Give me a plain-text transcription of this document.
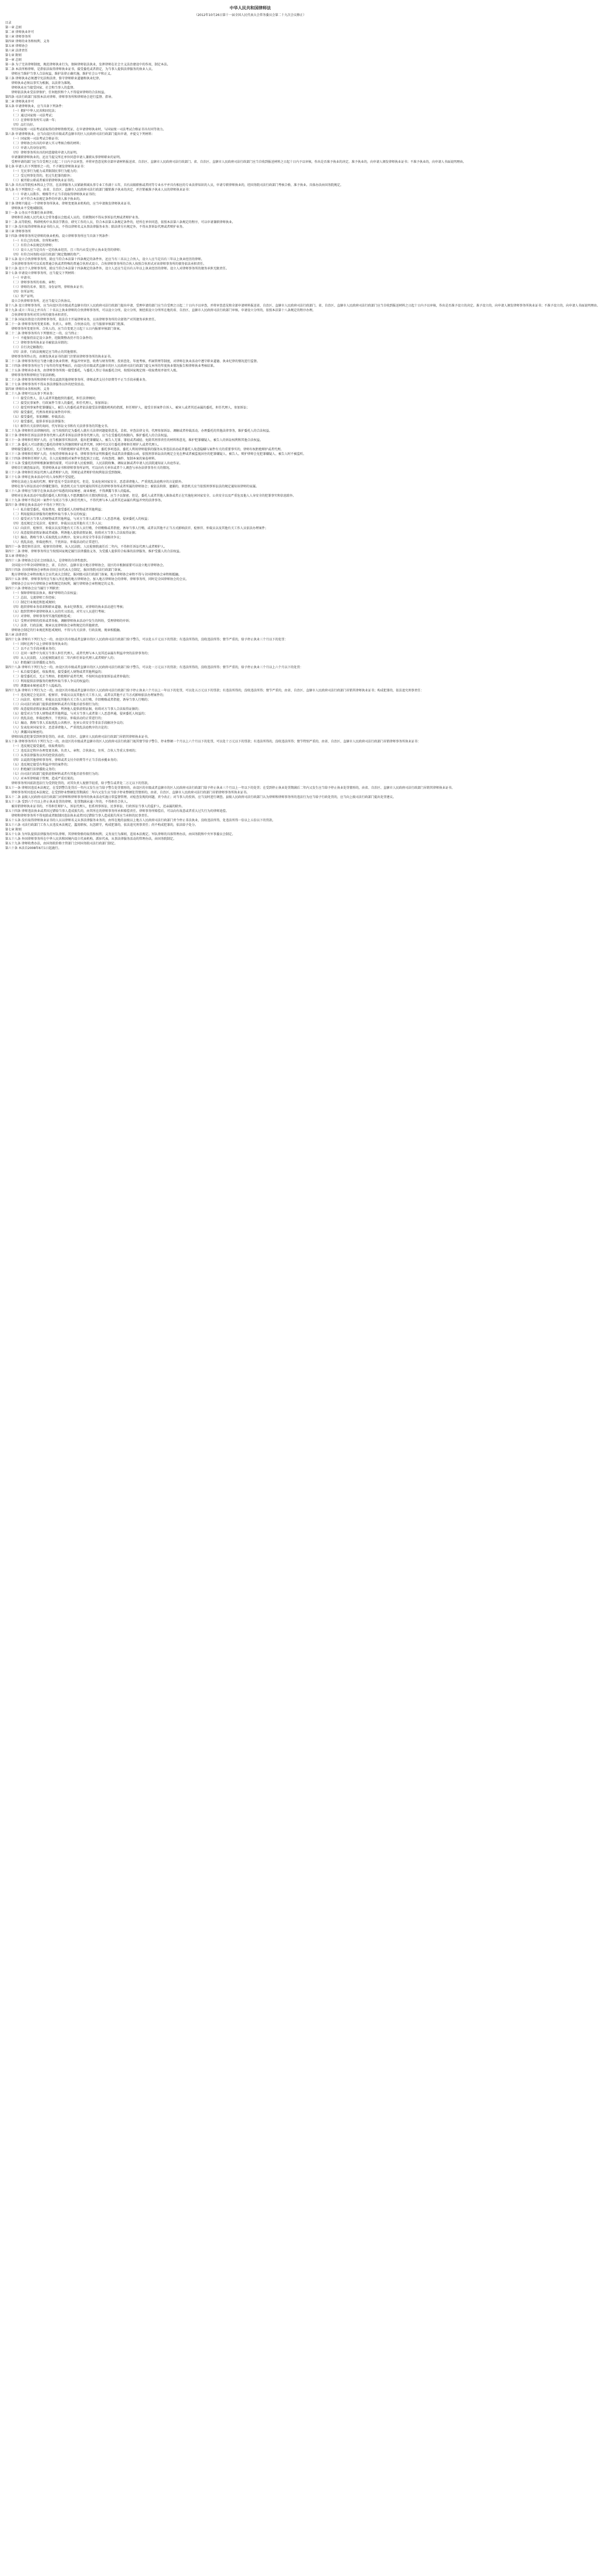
中华人民共和国律师法
（2012年10月26日第十一届全国人民代表大会常务委员会第二十九次会议修正）
目录
第一章 总则
第二章 律师执业许可
第三章 律师事务所
第四章 律师的业务和权利、义务
第五章 律师协会
第六章 法律责任
第七章 附则
第一章 总则
第一条 为了完善律师制度，规范律师执业行为，保障律师依法执业，发挥律师在社会主义法治建设中的作用，制定本法。
第二条 本法所称律师，是指依法取得律师执业证书，接受委托或者指定，为当事人提供法律服务的执业人员。
律师应当维护当事人合法权益，维护法律正确实施，维护社会公平和正义。
第三条 律师执业必须遵守宪法和法律，恪守律师职业道德和执业纪律。
律师执业必须以事实为根据，以法律为准绳。
律师执业应当接受国家、社会和当事人的监督。
律师依法执业受法律保护，任何组织和个人不得侵害律师的合法权益。
第四条 司法行政部门依照本法对律师、律师事务所和律师协会进行监督、指导。
第二章 律师执业许可
第五条 申请律师执业，应当具备下列条件：
（一）拥护中华人民共和国宪法；
（二）通过国家统一司法考试；
（三）在律师事务所实习满一年；
（四）品行良好。
实行国家统一司法考试前取得的律师资格凭证，在申请律师执业时，与国家统一司法考试合格证书具有同等效力。
第六条 申请律师执业，应当向设区的市级或者直辖市的区人民政府司法行政部门提出申请，并提交下列材料：
（一）国家统一司法考试合格证书；
（二）律师协会出具的申请人实习考核合格的材料；
（三）申请人的身份证明；
（四）律师事务所出具的同意接收申请人的证明。
申请兼职律师执业的，还应当提交所在单位同意申请人兼职从事律师职业的证明。
受理申请的部门应当自受理之日起二十日内予以审查，并将审查意见和全部申请材料报送省、自治区、直辖市人民政府司法行政部门。省、自治区、直辖市人民政府司法行政部门应当自收到报送材料之日起十日内予以审核，作出是否准予执业的决定。准予执业的，向申请人颁发律师执业证书；不准予执业的，向申请人书面说明理由。
第七条 申请人有下列情形之一的，不予颁发律师执业证书：
（一）无民事行为能力或者限制民事行为能力的；
（二）受过刑事处罚的，但过失犯罪的除外；
（三）被开除公职或者被吊销律师执业证书的。
第八条 具有高等院校本科以上学历，在法律服务人员紧缺领域从事专业工作满十五年，具有高级职称或者同等专业水平并具有相应的专业法律知识的人员，申请专职律师执业的，经国务院司法行政部门考核合格，准予执业。具体办法由国务院规定。
第九条 有下列情形之一的，由省、自治区、直辖市人民政府司法行政部门撤销准予执业的决定，并注销被准予执业人员的律师执业证书：
（一）申请人以欺诈、贿赂等不正当手段取得律师执业证书的；
（二）对不符合本法规定条件的申请人准予执业的。
第十条 律师只能在一个律师事务所执业。律师变更执业机构的，应当申请换发律师执业证书。
律师执业不受地域限制。
第十一条 公务员不得兼任执业律师。
律师担任各级人民代表大会常务委员会组成人员的，任职期间不得从事诉讼代理或者辩护业务。
第十二条 高等院校、科研机构中从事法学教育、研究工作的人员，符合本法第五条规定条件的，经所在单位同意，依照本法第六条规定的程序，可以申请兼职律师执业。
第十三条 没有取得律师执业证书的人员，不得以律师名义从事法律服务业务；除法律另有规定外，不得从事诉讼代理或者辩护业务。
第三章 律师事务所
第十四条 律师事务所是律师的执业机构。设立律师事务所应当具备下列条件：
（一）有自己的名称、住所和章程；
（二）有符合本法规定的律师；
（三）设立人应当是具有一定的执业经历，且三年内未受过停止执业处罚的律师；
（四）有符合国务院司法行政部门规定数额的资产。
第十五条 设立合伙律师事务所，除应当符合本法第十四条规定的条件外，还应当有三名以上合伙人，设立人应当是具有三年以上执业经历的律师。
合伙律师事务所可以采用普通合伙或者特殊的普通合伙形式设立。合伙律师事务所的合伙人按照合伙形式对该律师事务所的债务依法承担责任。
第十六条 设立个人律师事务所，除应当符合本法第十四条规定的条件外，设立人还应当是具有五年以上执业经历的律师。设立人对律师事务所的债务承担无限责任。
第十七条 申请设立律师事务所，应当提交下列材料：
（一）申请书；
（二）律师事务所的名称、章程；
（三）律师的名单、简历、身份证明、律师执业证书；
（四）住所证明；
（五）资产证明。
设立合伙律师事务所，还应当提交合伙协议。
第十八条 设立律师事务所，应当向设区的市级或者直辖市的区人民政府司法行政部门提出申请，受理申请的部门应当自受理之日起二十日内予以审查，并将审查意见和全部申请材料报送省、自治区、直辖市人民政府司法行政部门。省、自治区、直辖市人民政府司法行政部门应当自收到报送材料之日起十日内予以审核，作出是否准予设立的决定。准予设立的，向申请人颁发律师事务所执业证书；不准予设立的，向申请人书面说明理由。
第十九条 成立三年以上并具有二十名以上执业律师的合伙律师事务所，可以设立分所。设立分所，须经拟设立分所所在地的省、自治区、直辖市人民政府司法行政部门审核。申请设立分所的，依照本法第十八条规定的程序办理。
合伙律师事务所对其分所的债务承担责任。
第二十条 国家出资设立的律师事务所，依法自主开展律师业务，以该律师事务所的全部资产对其债务承担责任。
第二十一条 律师事务所变更名称、负责人、章程、合伙协议的，应当报原审核部门批准。
律师事务所变更住所、合伙人的，应当自变更之日起十五日内报原审核部门备案。
第二十二条 律师事务所有下列情形之一的，应当终止：
（一）不能保持法定设立条件，经限期整改仍不符合条件的；
（二）律师事务所执业证书被依法吊销的；
（三）自行决定解散的；
（四）法律、行政法规规定应当终止的其他情形。
律师事务所终止的，由颁发执业证书的部门注销该律师事务所的执业证书。
第二十三条 律师事务所应当建立健全执业管理、利益冲突审查、收费与财务管理、投诉查处、年度考核、档案管理等制度，对律师在执业活动中遵守职业道德、执业纪律的情况进行监督。
第二十四条 律师事务所应当于每年的年度考核后，向设区的市级或者直辖市的区人民政府司法行政部门提交本所的年度执业情况报告和律师执业考核结果。
第二十五条 律师承办业务，由律师事务所统一接受委托，与委托人签订书面委托合同，按照国家规定统一收取费用并如实入账。
律师事务所和律师应当依法纳税。
第二十六条 律师事务所和律师不得以诋毁其他律师事务所、律师或者支付介绍费等不正当手段承揽业务。
第二十七条 律师事务所不得从事法律服务以外的经营活动。
第四章 律师的业务和权利、义务
第二十八条 律师可以从事下列业务：
（一）接受自然人、法人或者其他组织的委托，担任法律顾问；
（二）接受民事案件、行政案件当事人的委托，担任代理人，参加诉讼；
（三）接受刑事案件犯罪嫌疑人、被告人的委托或者依法接受法律援助机构的指派，担任辩护人，接受自诉案件自诉人、被害人或者其近亲属的委托，担任代理人，参加诉讼；
（四）接受委托，代理各类诉讼案件的申诉；
（五）接受委托，参加调解、仲裁活动；
（六）接受委托，提供非诉讼法律服务；
（七）解答有关法律的询问、代写诉讼文书和有关法律事务的其他文书。
第二十九条 律师担任法律顾问的，应当按照约定为委托人就有关法律问题提供意见，草拟、审查法律文书，代理参加诉讼、调解或者仲裁活动，办理委托的其他法律事务，维护委托人的合法权益。
第三十条 律师担任诉讼法律事务代理人或者非诉讼法律事务代理人的，应当在受委托的权限内，维护委托人的合法权益。
第三十一条 律师担任辩护人的，应当根据事实和法律，提出犯罪嫌疑人、被告人无罪、罪轻或者减轻、免除其刑事责任的材料和意见，维护犯罪嫌疑人、被告人的诉讼权利和其他合法权益。
第三十二条 委托人可以拒绝已委托的律师为其继续辩护或者代理，同时可以另行委托律师担任辩护人或者代理人。
律师接受委托后，无正当理由的，不得拒绝辩护或者代理。但是，委托事项违法、委托人利用律师提供的服务从事违法活动或者委托人故意隐瞒与案件有关的重要事实的，律师有权拒绝辩护或者代理。
第三十三条 律师担任辩护人的，有权持律师执业证书、律师事务所证明和委托书或者法律援助公函，依照刑事诉讼法的规定会见在押或者被监视居住的犯罪嫌疑人、被告人。辩护律师会见犯罪嫌疑人、被告人时不被监听。
第三十四条 律师担任辩护人的，自人民检察院对案件审查起诉之日起，有权查阅、摘抄、复制本案的案卷材料。
第三十五条 受委托的律师根据案情的需要，可以申请人民检察院、人民法院收集、调取证据或者申请人民法院通知证人出庭作证。
律师自行调查取证的，凭律师执业证书和律师事务所证明，可以向有关单位或者个人调查与承办法律事务有关的情况。
第三十六条 律师担任诉讼代理人或者辩护人的，其辩论或者辩护的权利依法受到保障。
第三十七条 律师在执业活动中的人身权利不受侵犯。
律师在法庭上发表的代理、辩护意见不受法律追究。但是，发表危害国家安全、恶意诽谤他人、严重扰乱法庭秩序的言论除外。
律师在参与诉讼活动中涉嫌犯罪的，侦查机关应当及时通知其所在的律师事务所或者所属的律师协会；被依法拘留、逮捕的，侦查机关应当依照刑事诉讼法的规定通知该律师的家属。
第三十八条 律师应当保守在执业活动中知悉的国家秘密、商业秘密，不得泄露当事人的隐私。
律师对在执业活动中知悉的委托人和其他人不愿泄露的有关情况和信息，应当予以保密。但是，委托人或者其他人准备或者正在实施危害国家安全、公共安全以及严重危及他人人身安全的犯罪事实和信息除外。
第三十九条 律师不得在同一案件中为双方当事人担任代理人，不得代理与本人或者其近亲属有利益冲突的法律事务。
第四十条 律师在执业活动中不得有下列行为：
（一）私自接受委托、收取费用，接受委托人的财物或者其他利益；
（二）利用提供法律服务的便利牟取当事人争议的权益；
（三）接受对方当事人的财物或者其他利益，与对方当事人或者第三人恶意串通，侵害委托人的权益；
（四）违反规定会见法官、检察官、仲裁员以及其他有关工作人员；
（五）向法官、检察官、仲裁员以及其他有关工作人员行贿，介绍贿赂或者指使、诱导当事人行贿，或者以其他不正当方式影响法官、检察官、仲裁员以及其他有关工作人员依法办理案件；
（六）故意提供虚假证据或者威胁、利诱他人提供虚假证据，妨碍对方当事人合法取得证据；
（七）煽动、教唆当事人采取扰乱公共秩序、危害公共安全等非法手段解决争议；
（八）扰乱法庭、仲裁庭秩序，干扰诉讼、仲裁活动的正常进行。
第四十一条 曾经担任法官、检察官的律师，从人民法院、人民检察院离任后二年内，不得担任诉讼代理人或者辩护人。
第四十二条 律师、律师事务所应当按照国家规定履行法律援助义务，为受援人提供符合标准的法律服务，维护受援人的合法权益。
第五章 律师协会
第四十三条 律师协会是社会团体法人，是律师的自律性组织。
全国设立中华全国律师协会，省、自治区、直辖市设立地方律师协会，设区的市根据需要可以设立地方律师协会。
第四十四条 全国律师协会章程由全国会员代表大会制定，报国务院司法行政部门备案。
地方律师协会章程由地方会员代表大会制定，报同级司法行政部门备案。地方律师协会章程不得与全国律师协会章程相抵触。
第四十五条 律师、律师事务所应当加入所在地的地方律师协会。加入地方律师协会的律师、律师事务所，同时是全国律师协会的会员。
律师协会会员享有律师协会章程规定的权利，履行律师协会章程规定的义务。
第四十六条 律师协会应当履行下列职责：
（一）保障律师依法执业，维护律师的合法权益；
（二）总结、交流律师工作经验；
（三）制定行业规范和惩戒规则；
（四）组织律师业务培训和职业道德、执业纪律教育，对律师的执业活动进行考核；
（五）组织管理申请律师执业人员的实习活动，对实习人员进行考核；
（六）对律师、律师事务所实施奖励和惩戒；
（七）受理对律师的投诉或者举报，调解律师执业活动中发生的纠纷，受理律师的申诉；
（八）法律、行政法规、规章以及律师协会章程规定的其他职责。
律师协会制定的行业规范和惩戒规则，不得与有关法律、行政法规、规章相抵触。
第六章 法律责任
第四十七条 律师有下列行为之一的，由设区的市级或者直辖市的区人民政府司法行政部门给予警告，可以处五千元以下的罚款；有违法所得的，没收违法所得；情节严重的，给予停止执业三个月以下的处罚：
（一）同时在两个以上律师事务所执业的；
（二）以不正当手段承揽业务的；
（三）在同一案件中为双方当事人担任代理人，或者代理与本人及其近亲属有利益冲突的法律事务的；
（四）从人民法院、人民检察院离任后二年内担任诉讼代理人或者辩护人的；
（五）拒绝履行法律援助义务的。
第四十八条 律师有下列行为之一的，由设区的市级或者直辖市的区人民政府司法行政部门给予警告，可以处一万元以下的罚款；有违法所得的，没收违法所得；情节严重的，给予停止执业三个月以上六个月以下的处罚：
（一）私自接受委托、收取费用，接受委托人财物或者其他利益的；
（二）接受委托后，无正当理由，拒绝辩护或者代理，不按时出庭参加诉讼或者仲裁的；
（三）利用提供法律服务的便利牟取当事人争议的权益的；
（四）泄露商业秘密或者个人隐私的。
第四十九条 律师有下列行为之一的，由设区的市级或者直辖市的区人民政府司法行政部门给予停止执业六个月以上一年以下的处罚，可以处五万元以下的罚款；有违法所得的，没收违法所得；情节严重的，由省、自治区、直辖市人民政府司法行政部门吊销其律师执业证书；构成犯罪的，依法追究刑事责任：
（一）违反规定会见法官、检察官、仲裁员以及其他有关工作人员，或者以其他不正当方式影响依法办理案件的；
（二）向法官、检察官、仲裁员以及其他有关工作人员行贿，介绍贿赂或者指使、诱导当事人行贿的；
（三）向司法行政部门提供虚假材料或者有其他弄虚作假行为的；
（四）故意提供虚假证据或者威胁、利诱他人提供虚假证据，妨碍对方当事人合法取得证据的；
（五）接受对方当事人财物或者其他利益，与对方当事人或者第三人恶意串通，侵害委托人权益的；
（六）扰乱法庭、仲裁庭秩序，干扰诉讼、仲裁活动的正常进行的；
（七）煽动、教唆当事人采取扰乱公共秩序、危害公共安全等非法手段解决争议的；
（八）发表危害国家安全、恶意诽谤他人、严重扰乱法庭秩序的言论的；
（九）泄露国家秘密的。
律师因故意犯罪受到刑事处罚的，由省、自治区、直辖市人民政府司法行政部门吊销其律师执业证书。
第五十条 律师事务所有下列行为之一的，由设区的市级或者直辖市的区人民政府司法行政部门视其情节给予警告、停业整顿一个月以上六个月以下的处罚，可以处十万元以下的罚款；有违法所得的，没收违法所得；情节特别严重的，由省、自治区、直辖市人民政府司法行政部门吊销律师事务所执业证书：
（一）违反规定接受委托、收取费用的；
（二）违反法定程序办理变更名称、负责人、章程、合伙协议、住所、合伙人等重大事项的；
（三）从事法律服务以外的经营活动的；
（四）以诋毁其他律师事务所、律师或者支付介绍费等不正当手段承揽业务的；
（五）违反规定接受有利益冲突的案件的；
（六）拒绝履行法律援助义务的；
（七）向司法行政部门提供虚假材料或者有其他弄虚作假行为的；
（八）对本所律师疏于管理，造成严重后果的。
律师事务所因前款违法行为受到处罚的，对其负责人视情节轻重，给予警告或者处二万元以下的罚款。
第五十一条 律师因违反本法规定，在受到警告处罚后一年内又发生应当给予警告处罚情形的，由设区的市级或者直辖市的区人民政府司法行政部门给予停止执业三个月以上一年以下的处罚；在受到停止执业处罚期满后二年内又发生应当给予停止执业处罚情形的，由省、自治区、直辖市人民政府司法行政部门吊销其律师执业证书。
律师事务所因违反本法规定，在受到停业整顿处罚期满后二年内又发生应当给予停业整顿处罚情形的，由省、自治区、直辖市人民政府司法行政部门吊销律师事务所执业证书。
第五十二条 县级人民政府司法行政部门对律师和律师事务所的执业活动实施日常监督管理，对检查发现的问题，责令改正；对当事人的投诉，应当及时进行调查。县级人民政府司法行政部门认为律师和律师事务所的违法行为应当给予行政处罚的，应当向上级司法行政部门提出处罚建议。
第五十三条 受到六个月以上停止执业处罚的律师，处罚期满未逾三年的，不得担任合伙人。
被吊销律师执业证书的，不得担任辩护人、诉讼代理人，但系刑事诉讼、民事诉讼、行政诉讼当事人的监护人、近亲属的除外。
第五十四条 律师违法执业或者因过错给当事人造成损失的，由其所在的律师事务所承担赔偿责任。律师事务所赔偿后，可以向有故意或者重大过失行为的律师追偿。
律师和律师事务所不得免除或者限制因违法执业或者因过错给当事人造成损失所应当承担的民事责任。
第五十五条 没有取得律师执业证书的人员以律师名义从事法律服务业务的，由所在地的县级以上地方人民政府司法行政部门责令停止非法执业，没收违法所得，处违法所得一倍以上五倍以下的罚款。
第五十六条 司法行政部门工作人员违反本法规定，滥用职权、玩忽职守，构成犯罪的，依法追究刑事责任；尚不构成犯罪的，依法给予处分。
第七章 附则
第五十七条 为军队提供法律服务的军队律师，其律师资格的取得和权利、义务及行为准则，适用本法规定。军队律师的具体管理办法，由国务院和中央军事委员会制定。
第五十八条 外国律师事务所在中华人民共和国境内设立代表机构、派驻代表，从事法律服务活动的管理办法，由国务院制定。
第五十九条 律师收费办法，由国务院价格主管部门会同国务院司法行政部门制定。
第六十条 本法自2008年6月1日起施行。
